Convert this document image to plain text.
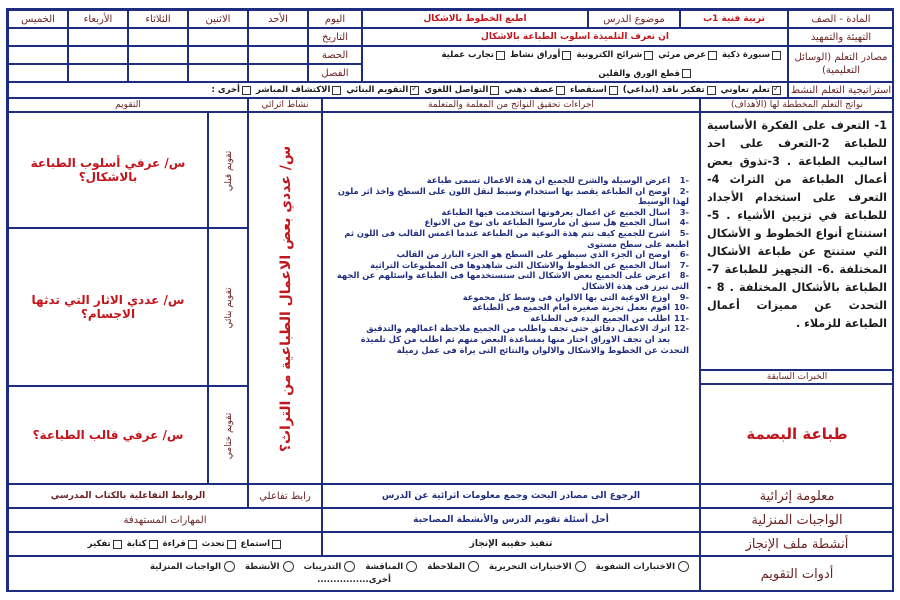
المادة - الصف
تربية فنية 1ب
موضوع الدرس
اطبع الخطوط بالاشكال
التهيئة والتمهيد
ان تعرف التلميذة اسلوب الطباعة بالاشكال
مصادر التعلم (الوسائل التعليمية)
سبورة ذكية
عرض مرئي
شرائح الكترونية
أوراق نشاط
تجارب عملية
قطع الورق والقلين
اليوم
التاريخ
الحصة
الفصل
الأحد
الاثنين
الثلاثاء
الأربعاء
الخميس
استراتيجية التعلم النشط
✓
تعلم تعاوني
تفكير ناقد (ابداعي)
استقصاء
عصف ذهني
التواصل اللغوي
✓
التقويم البنائي
الاكتشاف المباشر
أخرى :
نواتج التعلم المخططة لها (الأهداف)
اجراءات تحقيق النواتج من المعلمة والمتعلمة
نشاط اثرائي
التقويم
1- التعرف على الفكرة الأساسية للطباعة 2-التعرف على احد اساليب الطباعة . 3-تذوق بعض أعمال الطباعة من التراث 4- التعرف على استخدام الأجداد للطباعة في تزيين الأشياء . 5- استنتاج أنواع الخطوط و الأشكال التي ستنتج عن طباعة الأشكال المختلفة .6- التجهيز للطباعة 7- الطباعة بالأشكال المختلفة . 8 - التحدث عن مميزات أعمال الطباعة للزملاء .
الخبرات السابقة
طباعة البصمة
-1 اعرض الوسيلة والشرح للجميع ان هذة الاعمال تسمى طباعة
-2 اوضح ان الطباعة يقصد بها استخدام وسيط لنقل اللون على السطح واخذ اثر ملون لهذا الوسيط
-3 اسال الجميع عن اعمال يعرفونها استخدمت فيها الطباعة
-4 اسال الجميع هل سبق ان مارسوا الطباعة باى نوع من الانواع
-5 اشرح للجميع كيف تتم هذة النوعية من الطباعة عندما اغمس القالب فى اللون ثم اطبعة على سطح مستوى
-6 اوضح ان الجزء الذي سيظهر على السطح هو الجزء البارز من القالب
-7 اسال الجميع عن الخطوط والاشكال التى شاهدوها فى المطبوعات التراثية
-8 اعرض على الجميع بعض الاشكال التى ستستخدمها فى الطباعة واسئلهم عن الجهة التى تبرز فى هذة الاشكال
-9 اوزع الاوعية التى بها الالوان فى وسط كل مجموعة
-10 اقوم بعمل تجربة صغيرة امام الجميع فى الطباعة
-11 اطلب من الجميع البدء فى الطباعة
-12 اترك الاعمال دقائق حتى تجف واطلب من الجميع ملاحظة اعمالهم والتدقيق
بعد ان تجف الاوراق اختار منها بمساعدة البعض منهم ثم اطلب من كل تلميذة التحدث عن الخطوط والاشكال والالوان والنتائج التى يراة فى عمل زميلة
س/ عددي بعض الاعمال الطباعية من التراث؟
تقويم قبلي
س/ عرفي أسلوب الطباعة بالاشكال؟
تقويم بنائي
س/ عددي الاثار التي تدثها الاجسام؟
تقويم ختامي
س/ عرفي قالب الطباعة؟
معلومة إثرائية
الرجوع الى مصادر البحث وجمع معلومات اثرائية عن الدرس
رابط تفاعلي
الروابط التفاعلية بالكتاب المدرسي
الواجبات المنزلية
أحل أسئلة تقويم الدرس والأنشطة المصاحبة
المهارات المستهدفة
أنشطة ملف الإنجاز
تنفيذ حقيبة الإنجاز
استماع
تحدث
قراءة
كتابة
تفكير
أدوات التقويم
الاختبارات الشفوية
الاختبارات التحريرية
الملاحظة
المناقشة
التدريبات
الأنشطة
الواجبات المنزلية
أخرى................
